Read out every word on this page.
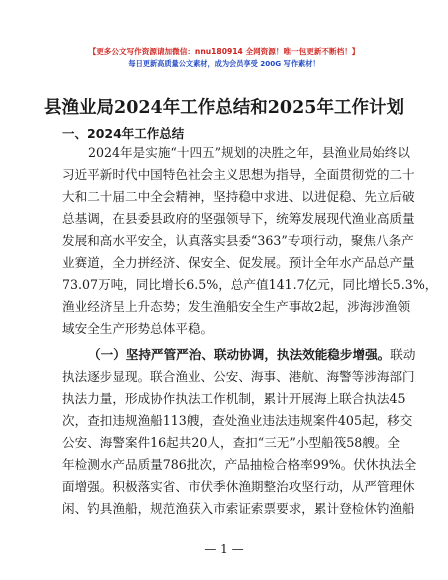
【更多公文写作资源请加微信：nnu180914 全网资源！唯一包更新不断档！】
每日更新高质量公文素材，成为会员享受 200G 写作素材！
县渔业局2024年工作总结和2025年工作计划
一、2024年工作总结
2024年是实施“十四五”规划的决胜之年，县渔业局始终以
习近平新时代中国特色社会主义思想为指导，全面贯彻党的二十
大和二十届二中全会精神，坚持稳中求进、以进促稳、先立后破
总基调，在县委县政府的坚强领导下，统筹发展现代渔业高质量
发展和高水平安全，认真落实县委“363”专项行动，聚焦八条产
业赛道，全力拼经济、保安全、促发展。预计全年水产品总产量
73.07万吨，同比增长6.5%，总产值141.7亿元，同比增长5.3%，
渔业经济呈上升态势；发生渔船安全生产事故2起，涉海涉渔领
域安全生产形势总体平稳。
（一）坚持严管严治、联动协调，执法效能稳步增强。联动
执法逐步显现。联合渔业、公安、海事、港航、海警等涉海部门
执法力量，形成协作执法工作机制，累计开展海上联合执法45
次，查扣违规渔船113艘，查处渔业违法违规案件405起，移交
公安、海警案件16起共20人，查扣“三无”小型船筏58艘。全
年检测水产品质量786批次，产品抽检合格率99%。伏休执法全
面增强。积极落实省、市伏季休渔期整治攻坚行动，从严管理休
闲、钓具渔船，规范渔获入市索证索票要求，累计登检休钓渔船
— 1 —
